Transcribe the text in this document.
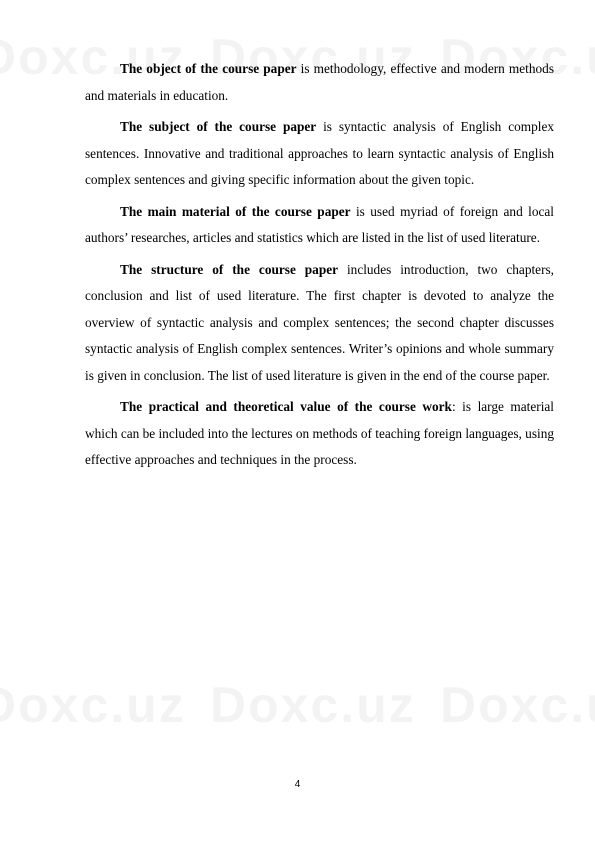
The object of the course paper is methodology, effective and modern methods and materials in education.

The subject of the course paper is syntactic analysis of English complex sentences. Innovative and traditional approaches to learn syntactic analysis of English complex sentences and giving specific information about the given topic.

The main material of the course paper is used myriad of foreign and local authors’ researches, articles and statistics which are listed in the list of used literature.

The structure of the course paper includes introduction, two chapters, conclusion and list of used literature. The first chapter is devoted to analyze the overview of syntactic analysis and complex sentences; the second chapter discusses syntactic analysis of English complex sentences. Writer’s opinions and whole summary is given in conclusion. The list of used literature is given in the end of the course paper.

The practical and theoretical value of the course work: is large material which can be included into the lectures on methods of teaching foreign languages, using effective approaches and techniques in the process.

4
